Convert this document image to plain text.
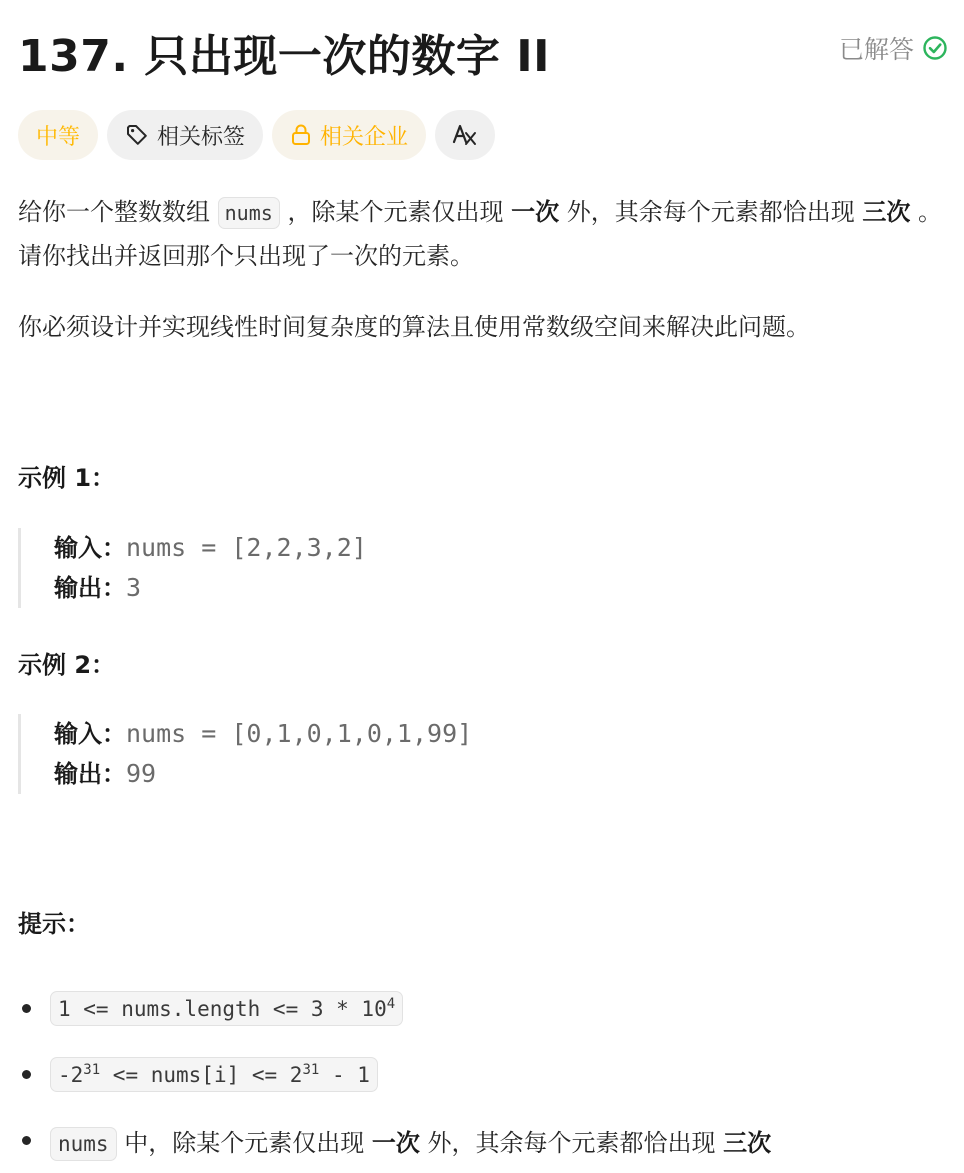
137. 只出现一次的数字 II	已解答
中等	相关标签	相关企业
给你一个整数数组 nums ，除某个元素仅出现 一次 外，其余每个元素都恰出现 三次 。请你找出并返回那个只出现了一次的元素。
你必须设计并实现线性时间复杂度的算法且使用常数级空间来解决此问题。
示例 1：
输入：nums = [2,2,3,2]
输出：3
示例 2：
输入：nums = [0,1,0,1,0,1,99]
输出：99
提示：
1 <= nums.length <= $3 * 10^4$
$-2^{31}$ <= nums[i] <= $2^{31} - 1$
nums 中，除某个元素仅出现 一次 外，其余每个元素都恰出现 三次
